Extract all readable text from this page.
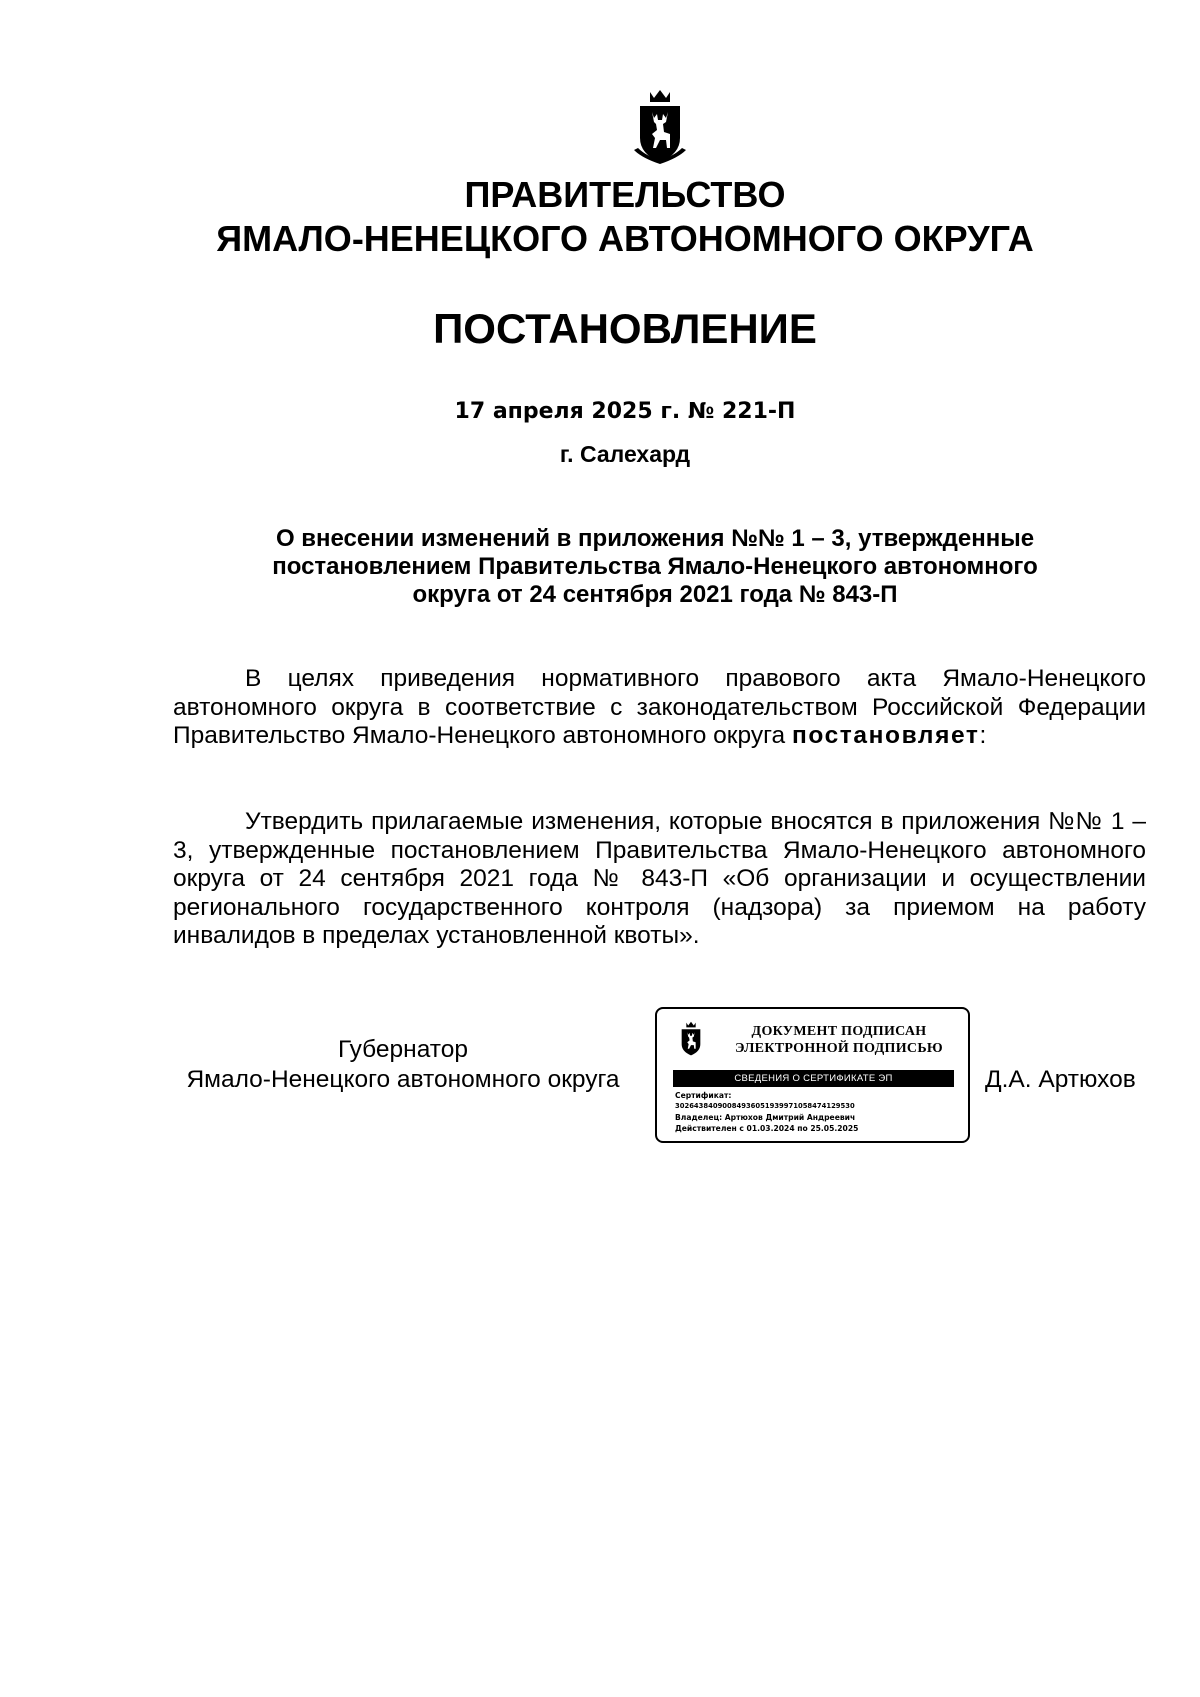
ПРАВИТЕЛЬСТВО
ЯМАЛО-НЕНЕЦКОГО АВТОНОМНОГО ОКРУГА
ПОСТАНОВЛЕНИЕ
17 апреля 2025 г. № 221-П
г. Салехард
О внесении изменений в приложения №№ 1 – 3, утвержденные постановлением Правительства Ямало-Ненецкого автономного округа от 24 сентября 2021 года № 843-П
В целях приведения нормативного правового акта Ямало-Ненецкого автономного округа в соответствие с законодательством Российской Федерации Правительство Ямало-Ненецкого автономного округа постановляет:
Утвердить прилагаемые изменения, которые вносятся в приложения №№ 1 – 3, утвержденные постановлением Правительства Ямало-Ненецкого автономного округа от 24 сентября 2021 года № 843-П «Об организации и осуществлении регионального государственного контроля (надзора) за приемом на работу инвалидов в пределах установленной квоты».
Губернатор
Ямало-Ненецкого автономного округа
ДОКУМЕНТ ПОДПИСАН
ЭЛЕКТРОННОЙ ПОДПИСЬЮ
СВЕДЕНИЯ О СЕРТИФИКАТЕ ЭП
Сертификат:
30264384090084936051939971058474129530
Владелец: Артюхов Дмитрий Андреевич
Действителен с 01.03.2024 по 25.05.2025
Д.А. Артюхов
